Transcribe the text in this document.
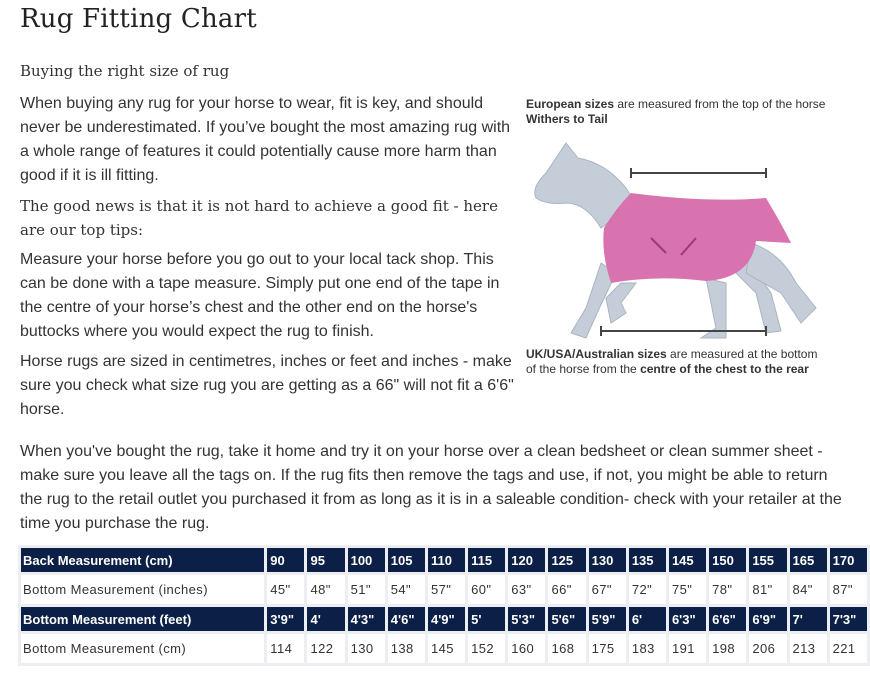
Rug Fitting Chart
Buying the right size of rug

When buying any rug for your horse to wear, fit is key, and should never be underestimated. If you’ve bought the most amazing rug with a whole range of features it could potentially cause more harm than good if it is ill fitting.

The good news is that it is not hard to achieve a good fit - here are our top tips:

Measure your horse before you go out to your local tack shop. This can be done with a tape measure. Simply put one end of the tape in the centre of your horse’s chest and the other end on the horse's buttocks where you would expect the rug to finish.

Horse rugs are sized in centimetres, inches or feet and inches - make sure you check what size rug you are getting as a 66" will not fit a 6'6" horse.

European sizes are measured from the top of the horse
Withers to Tail
UK/USA/Australian sizes are measured at the bottom
of the horse from the centre of the chest to the rear
When you've bought the rug, take it home and try it on your horse over a clean bedsheet or clean summer sheet - make sure you leave all the tags on. If the rug fits then remove the tags and use, if not, you might be able to return the rug to the retail outlet you purchased it from as long as it is in a saleable condition- check with your retailer at the time you purchase the rug.
Back Measurement (cm)	90	95	100	105	110	115	120	125	130	135	145	150	155	165	170
Bottom Measurement (inches)	45"	48"	51"	54"	57"	60"	63"	66"	67"	72"	75"	78"	81"	84"	87"
Bottom Measurement (feet)	3'9"	4'	4'3"	4'6"	4'9"	5'	5'3"	5'6"	5'9"	6'	6'3"	6'6"	6'9"	7'	7'3"
Bottom Measurement (cm)	114	122	130	138	145	152	160	168	175	183	191	198	206	213	221
